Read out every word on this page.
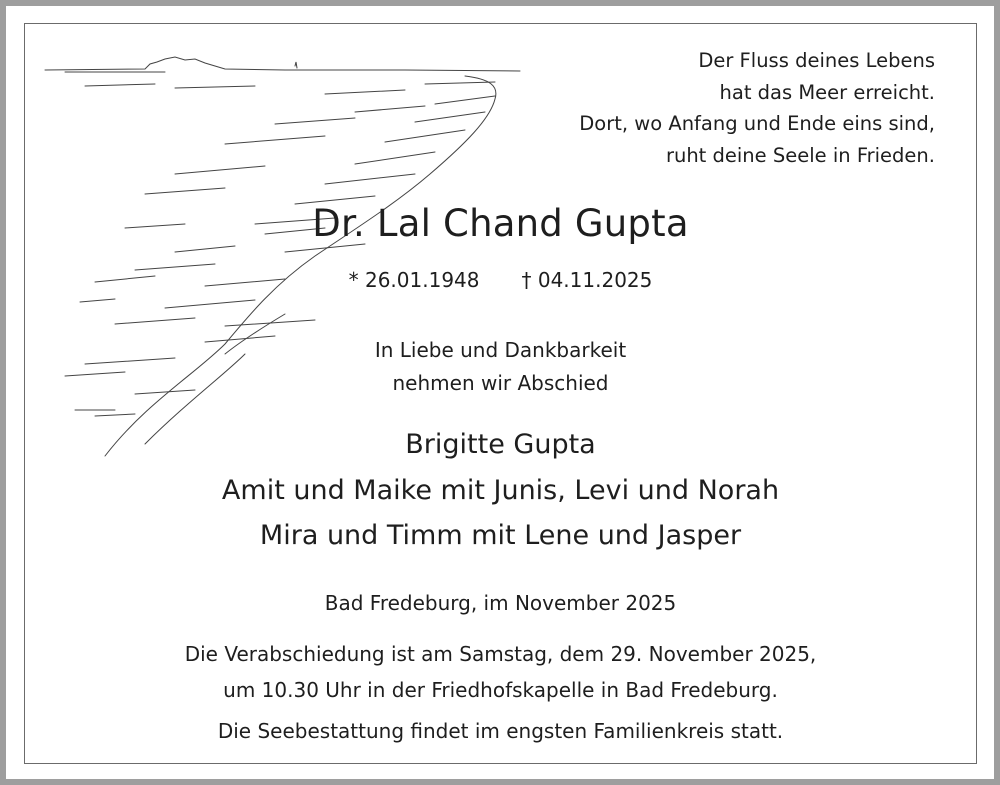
Der Fluss deines Lebens
hat das Meer erreicht.
Dort, wo Anfang und Ende eins sind,
ruht deine Seele in Frieden.
Dr. Lal Chand Gupta
* 26.01.1948 † 04.11.2025
In Liebe und Dankbarkeit
nehmen wir Abschied
Brigitte Gupta
Amit und Maike mit Junis, Levi und Norah
Mira und Timm mit Lene und Jasper
Bad Fredeburg, im November 2025
Die Verabschiedung ist am Samstag, dem 29. November 2025,
um 10.30 Uhr in der Friedhofskapelle in Bad Fredeburg.
Die Seebestattung findet im engsten Familienkreis statt.
